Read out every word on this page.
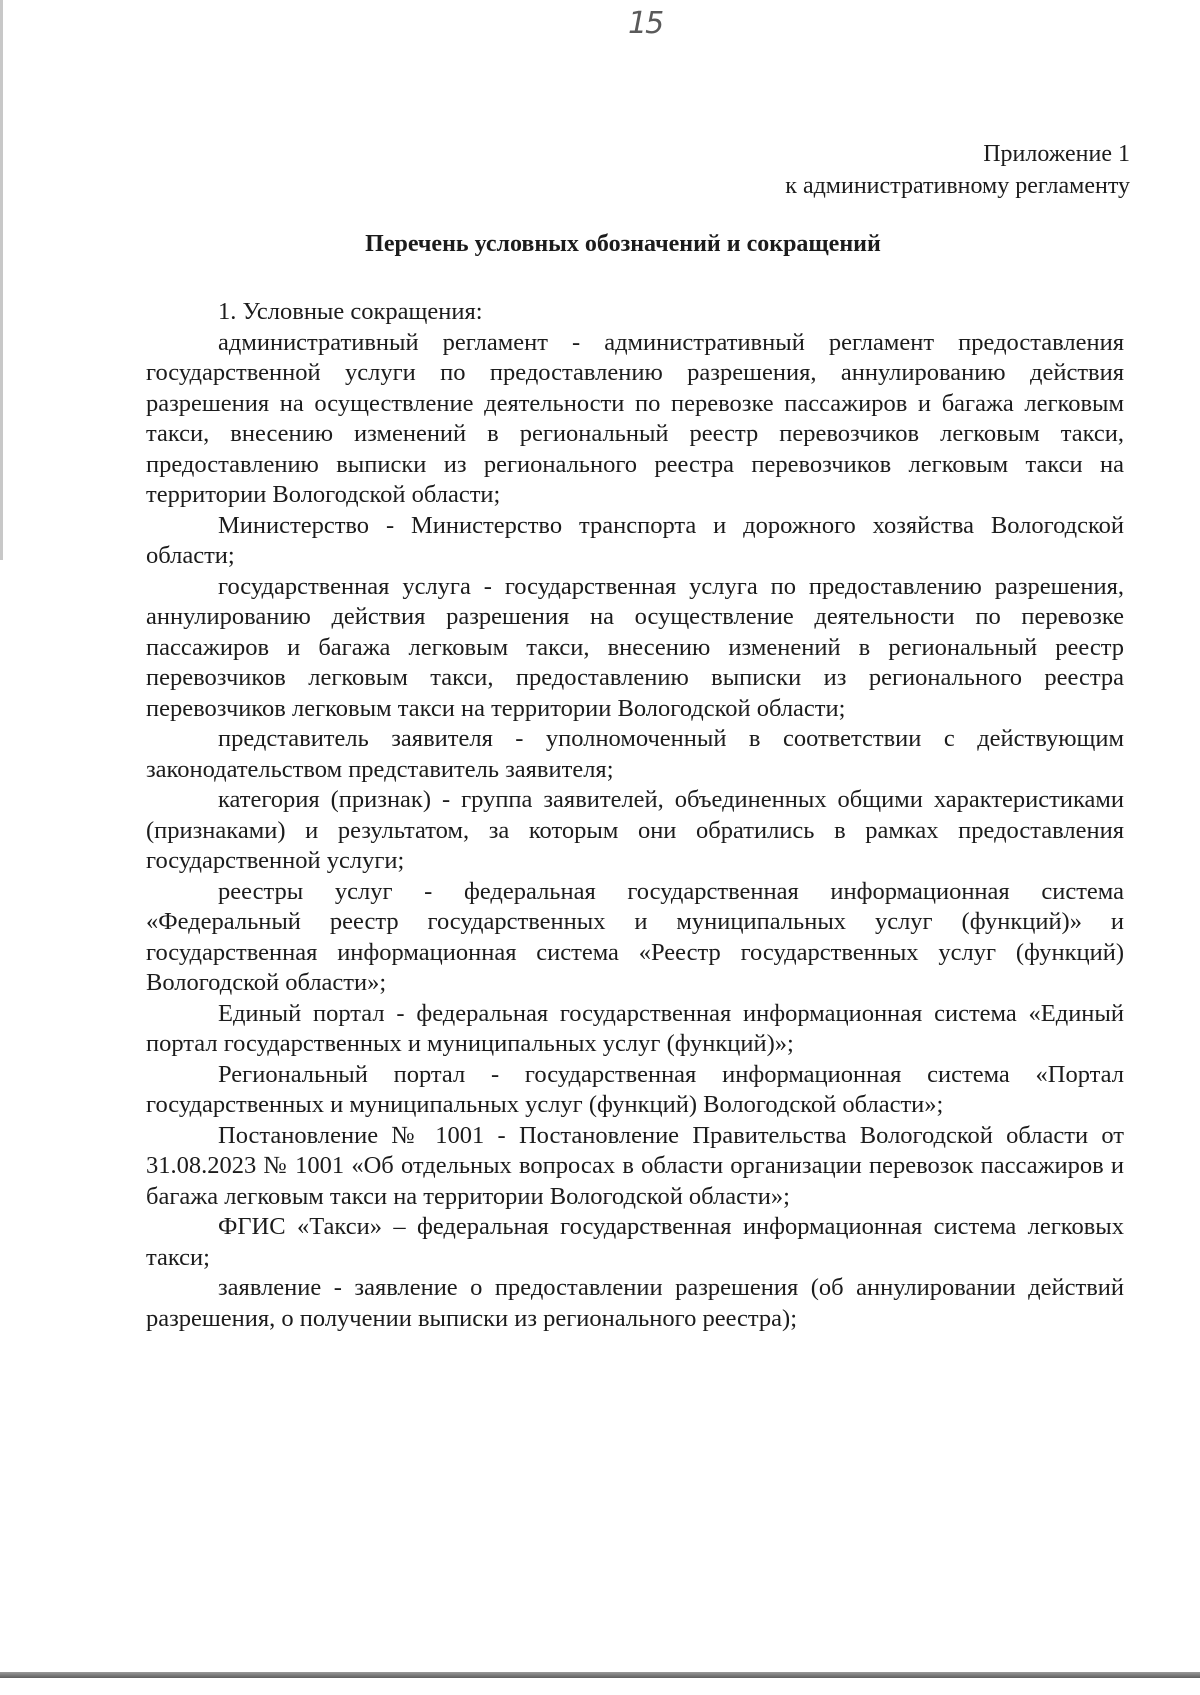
15
Приложение 1
к административному регламенту
Перечень условных обозначений и сокращений

1. Условные сокращения:

административный регламент - административный регламент предоставления государственной услуги по предоставлению разрешения, аннулированию действия разрешения на осуществление деятельности по перевозке пассажиров и багажа легковым такси, внесению изменений в региональный реестр перевозчиков легковым такси, предоставлению выписки из регионального реестра перевозчиков легковым такси на территории Вологодской области;

Министерство - Министерство транспорта и дорожного хозяйства Вологодской области;

государственная услуга - государственная услуга по предоставлению разрешения, аннулированию действия разрешения на осуществление деятельности по перевозке пассажиров и багажа легковым такси, внесению изменений в региональный реестр перевозчиков легковым такси, предоставлению выписки из регионального реестра перевозчиков легковым такси на территории Вологодской области;

представитель заявителя - уполномоченный в соответствии с действующим законодательством представитель заявителя;

категория (признак) - группа заявителей, объединенных общими характеристиками (признаками) и результатом, за которым они обратились в рамках предоставления государственной услуги;

реестры услуг - федеральная государственная информационная система «Федеральный реестр государственных и муниципальных услуг (функций)» и государственная информационная система «Реестр государственных услуг (функций) Вологодской области»;

Единый портал - федеральная государственная информационная система «Единый портал государственных и муниципальных услуг (функций)»;

Региональный портал - государственная информационная система «Портал государственных и муниципальных услуг (функций) Вологодской области»;

Постановление № 1001 - Постановление Правительства Вологодской области от 31.08.2023 № 1001 «Об отдельных вопросах в области организации перевозок пассажиров и багажа легковым такси на территории Вологодской области»;

ФГИС «Такси» – федеральная государственная информационная система легковых такси;

заявление - заявление о предоставлении разрешения (об аннулировании действий разрешения, о получении выписки из регионального реестра);
